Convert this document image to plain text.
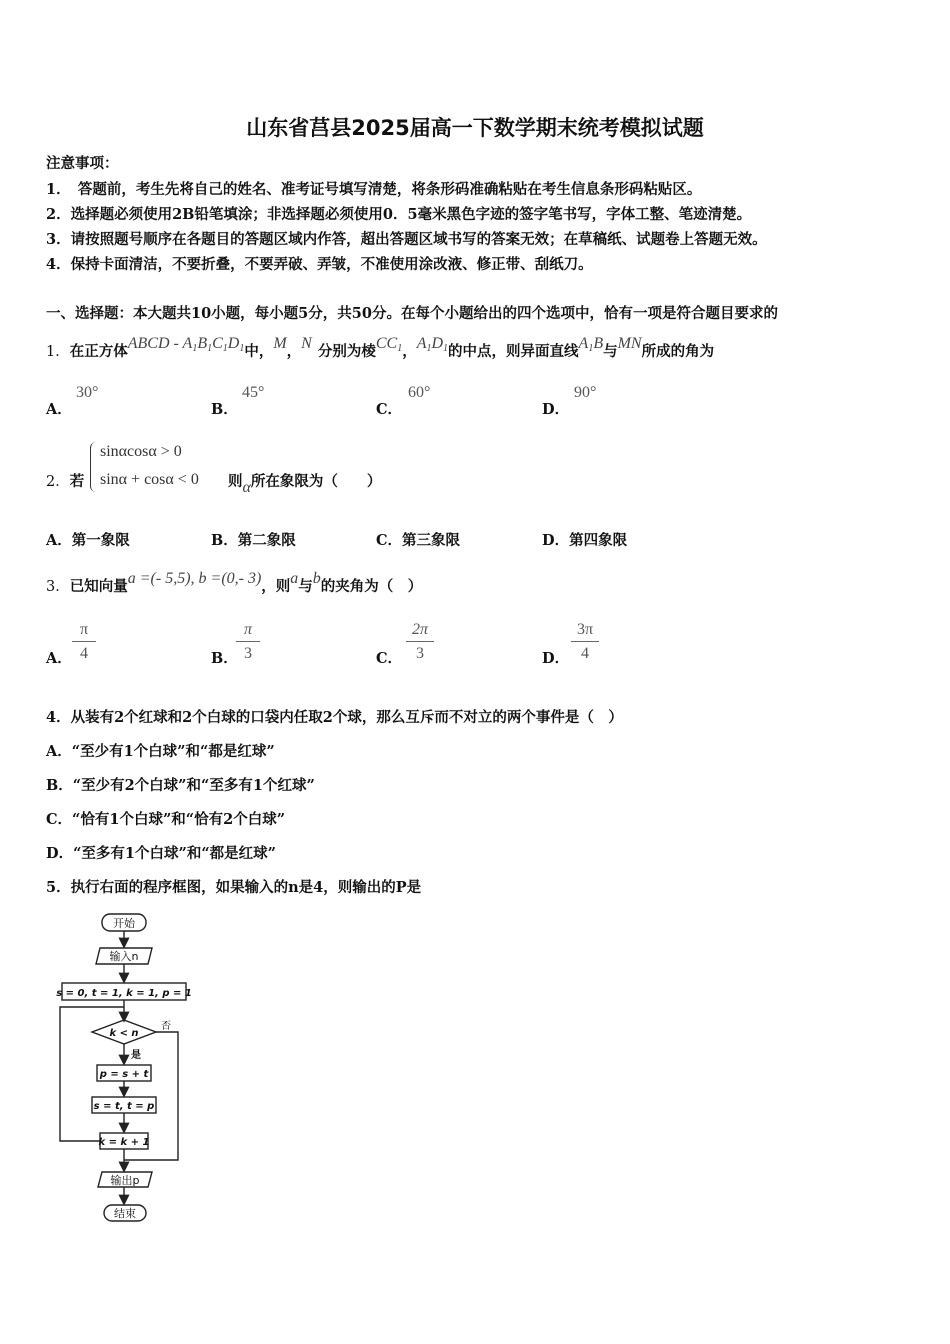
山东省莒县2025届高一下数学期末统考模拟试题
注意事项：
1．　答题前，考生先将自己的姓名、准考证号填写清楚，将条形码准确粘贴在考生信息条形码粘贴区。
2．选择题必须使用2B铅笔填涂；非选择题必须使用0．5毫米黑色字迹的签字笔书写，字体工整、笔迹清楚。
3．请按照题号顺序在各题目的答题区域内作答，超出答题区域书写的答案无效；在草稿纸、试题卷上答题无效。
4．保持卡面清洁，不要折叠，不要弄破、弄皱，不准使用涂改液、修正带、刮纸刀。
一、选择题：本大题共10小题，每小题5分，共50分。在每个小题给出的四个选项中，恰有一项是符合题目要求的
1．在正方体ABCD - $A_1B_1C_1D_1$中，M，N 分别为棱$CC_1$，$A_1D_1$的中点，则异面直线$A_1B$与MN所成的角为
A．
30°
B．
45°
C．
60°
D．
90°
2．若
sinαcosα > 0
sinα + cosα < 0 则α所在象限为（　　）
A．第一象限	B．第二象限	C．第三象限	D．第四象限
3．已知向量a =(- 5,5), b =(0,- 3)，则a与b的夹角为（　）
A．
π
4	B．
π
3	C．
2π
3	D．
3π
4
4．从装有2个红球和2个白球的口袋内任取2个球，那么互斥而不对立的两个事件是（　）
A．“至少有1个白球”和“都是红球”
B．“至少有2个白球”和“至多有1个红球”
C．“恰有1个白球”和“恰有2个白球”
D．“至多有1个白球”和“都是红球”
5．执行右面的程序框图，如果输入的n是4，则输出的P是
开始
输入n
s = 0, t = 1, k = 1, p = 1
k < n
否
是
p = s + t
s = t, t = p
k = k + 1
输出p
结束
